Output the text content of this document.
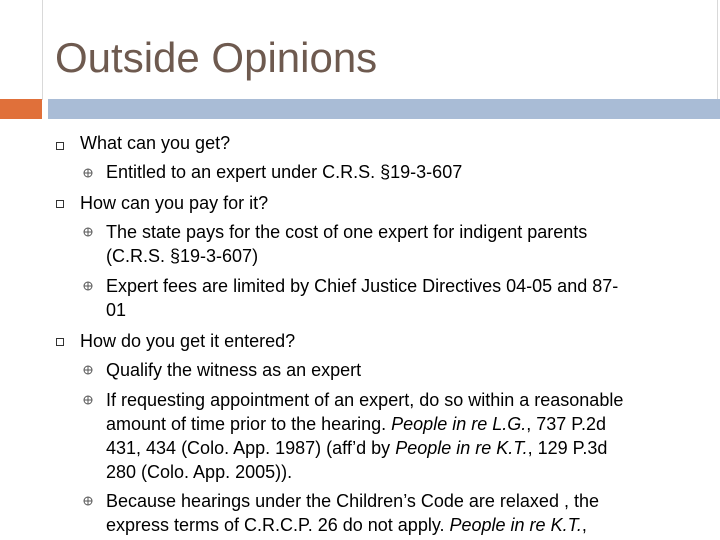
Outside Opinions
What can you get?
Entitled to an expert under C.R.S. §19-3-607
How can you pay for it?
The state pays for the cost of one expert for indigent parents
(C.R.S. §19-3-607)
Expert fees are limited by Chief Justice Directives 04-05 and 87-
01
How do you get it entered?
Qualify the witness as an expert
If requesting appointment of an expert, do so within a reasonable
amount of time prior to the hearing. People in re L.G., 737 P.2d
431, 434 (Colo. App. 1987) (aff’d by People in re K.T., 129 P.3d
280 (Colo. App. 2005)).
Because hearings under the Children’s Code are relaxed , the
express terms of C.R.C.P. 26 do not apply. People in re K.T.,
